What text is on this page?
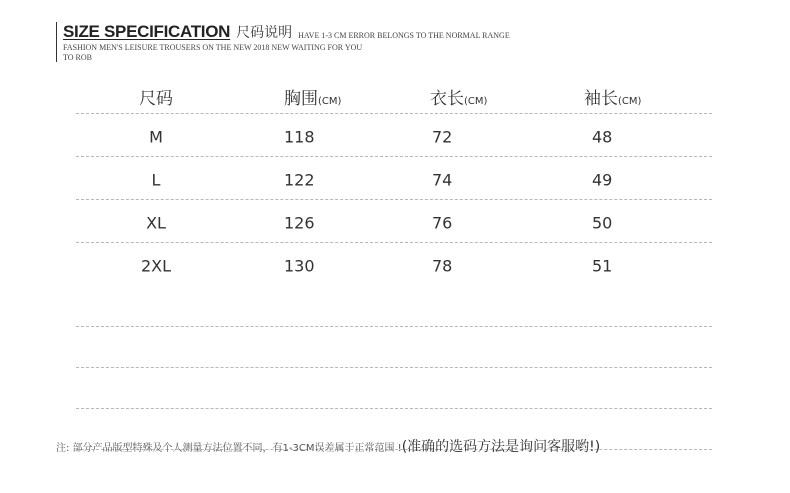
SIZE SPECIFICATION 尺码说明 HAVE 1-3 CM ERROR BELONGS TO THE NORMAL RANGE
FASHION MEN'S LEISURE TROUSERS ON THE NEW 2018 NEW WAITING FOR YOU TO ROB
尺码	胸围(CM)	衣长(CM)	袖长(CM)
M	118	72	48
L	122	74	49
XL	126	76	50
2XL	130	78	51
注: 部分产品版型特殊及个人测量方法位置不同，有1-3CM误差属于正常范围 !(准确的选码方法是询问客服哟!)
